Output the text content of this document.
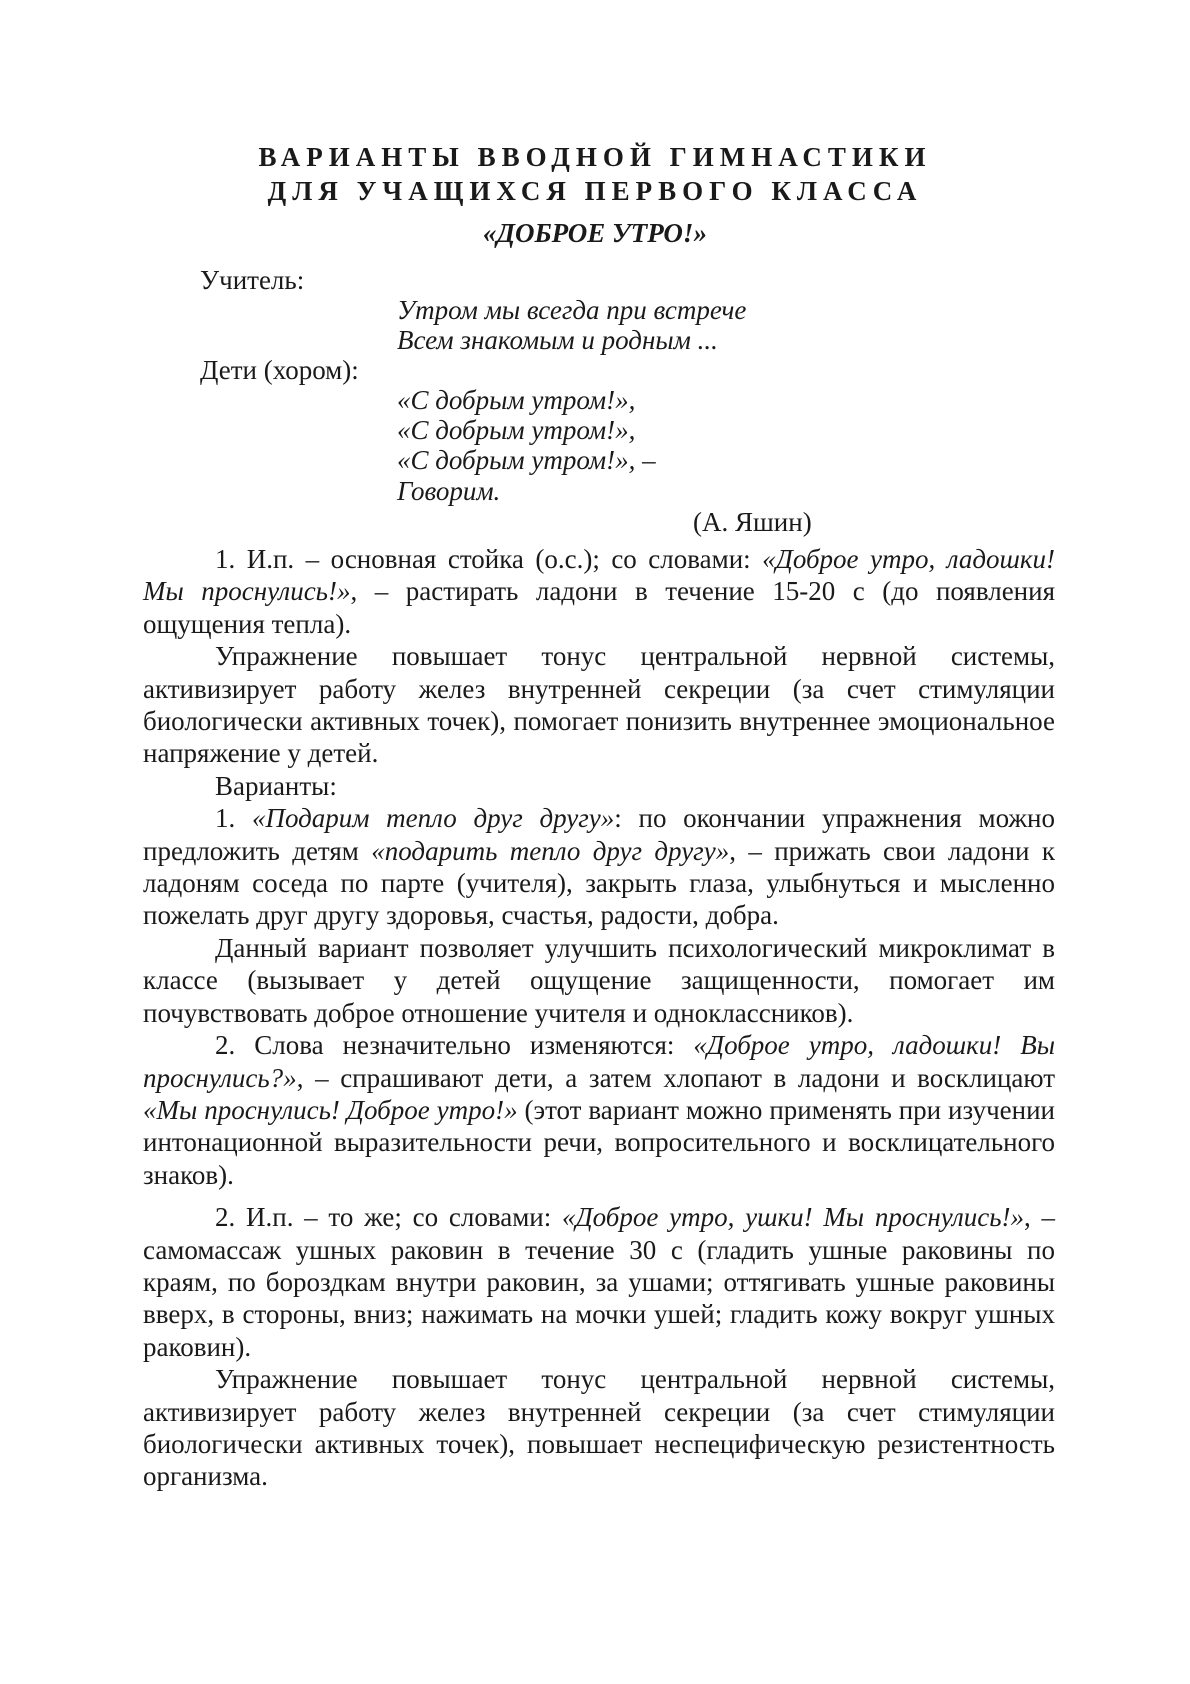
ВАРИАНТЫ ВВОДНОЙ ГИМНАСТИКИ
ДЛЯ УЧАЩИХСЯ ПЕРВОГО КЛАССА
«ДОБРОЕ УТРО!»
Учитель:
Утром мы всегда при встрече
Всем знакомым и родным ...
Дети (хором):
«С добрым утром!»,
«С добрым утром!»,
«С добрым утром!», –
Говорим.
(А. Яшин)

1. И.п. – основная стойка (о.с.); со словами: «Доброе утро, ладошки! Мы проснулись!», – растирать ладони в течение 15-20 с (до появления ощущения тепла).

Упражнение повышает тонус центральной нервной системы, активизирует работу желез внутренней секреции (за счет стимуляции биологически активных точек), помогает понизить внутреннее эмоциональное напряжение у детей.

Варианты:

1. «Подарим тепло друг другу»: по окончании упражнения можно предложить детям «подарить тепло друг другу», – прижать свои ладони к ладоням соседа по парте (учителя), закрыть глаза, улыбнуться и мысленно пожелать друг другу здоровья, счастья, радости, добра.

Данный вариант позволяет улучшить психологический микроклимат в классе (вызывает у детей ощущение защищенности, помогает им почувствовать доброе отношение учителя и одноклассников).

2. Слова незначительно изменяются: «Доброе утро, ладошки! Вы проснулись?», – спрашивают дети, а затем хлопают в ладони и восклицают «Мы проснулись! Доброе утро!» (этот вариант можно применять при изучении интонационной выразительности речи, вопросительного и восклицательного знаков).

2. И.п. – то же; со словами: «Доброе утро, ушки! Мы проснулись!», – самомассаж ушных раковин в течение 30 с (гладить ушные раковины по краям, по бороздкам внутри раковин, за ушами; оттягивать ушные раковины вверх, в стороны, вниз; нажимать на мочки ушей; гладить кожу вокруг ушных раковин).

Упражнение повышает тонус центральной нервной системы, активизирует работу желез внутренней секреции (за счет стимуляции биологически активных точек), повышает неспецифическую резистентность организма.
